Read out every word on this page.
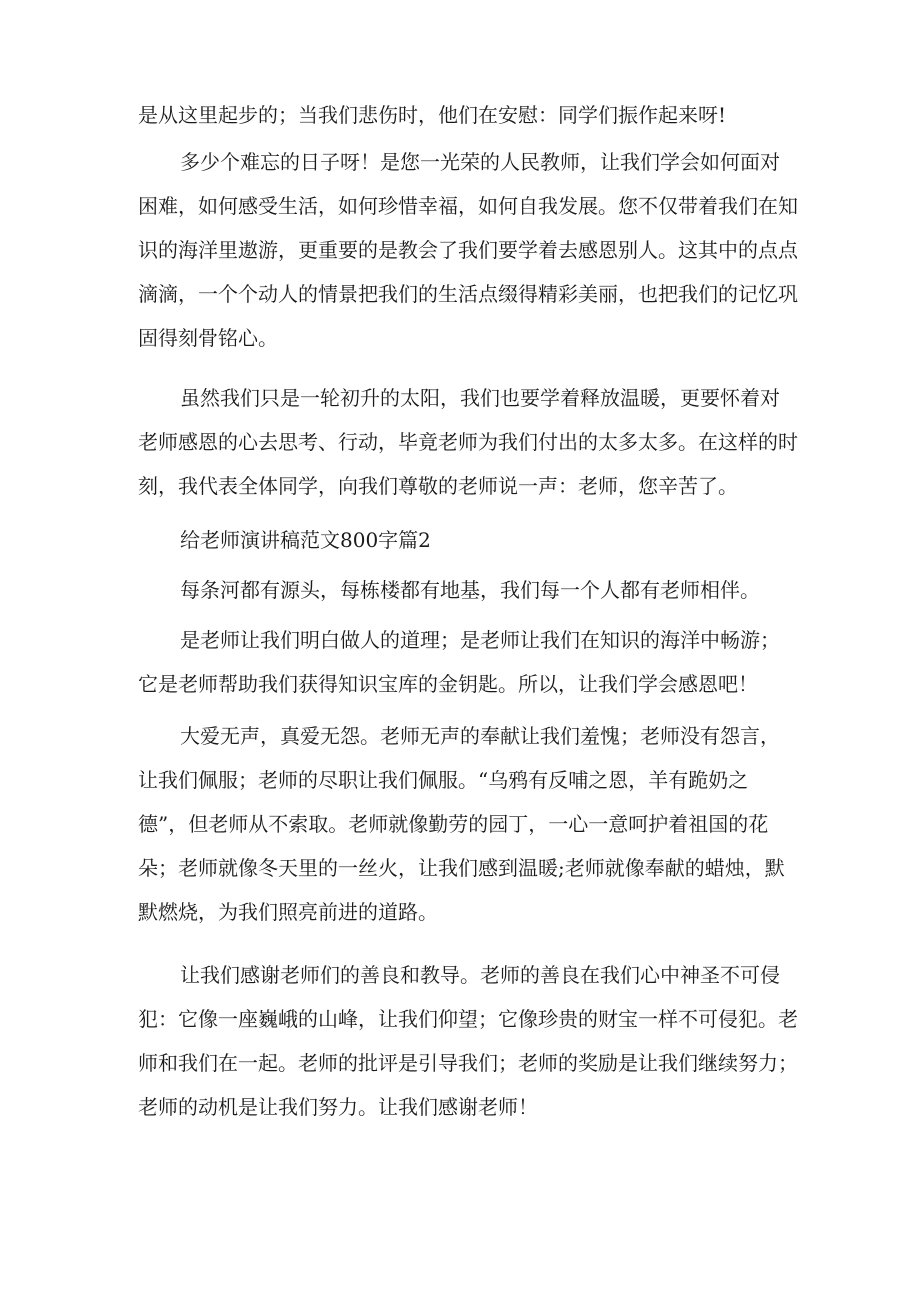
是从这里起步的；当我们悲伤时，他们在安慰：同学们振作起来呀!
多少个难忘的日子呀！是您一光荣的人民教师，让我们学会如何面对
困难，如何感受生活，如何珍惜幸福，如何自我发展。您不仅带着我们在知
识的海洋里遨游，更重要的是教会了我们要学着去感恩别人。这其中的点点
滴滴，一个个动人的情景把我们的生活点缀得精彩美丽，也把我们的记忆巩
固得刻骨铭心。
虽然我们只是一轮初升的太阳，我们也要学着释放温暖，更要怀着对
老师感恩的心去思考、行动，毕竟老师为我们付出的太多太多。在这样的时
刻，我代表全体同学，向我们尊敬的老师说一声：老师，您辛苦了。
给老师演讲稿范文800字篇2
每条河都有源头，每栋楼都有地基，我们每一个人都有老师相伴。
是老师让我们明白做人的道理；是老师让我们在知识的海洋中畅游；
它是老师帮助我们获得知识宝库的金钥匙。所以，让我们学会感恩吧！
大爱无声，真爱无怨。老师无声的奉献让我们羞愧；老师没有怨言，
让我们佩服；老师的尽职让我们佩服。“乌鸦有反哺之恩，羊有跪奶之
德”，但老师从不索取。老师就像勤劳的园丁，一心一意呵护着祖国的花
朵；老师就像冬天里的一丝火，让我们感到温暖;老师就像奉献的蜡烛，默
默燃烧，为我们照亮前进的道路。
让我们感谢老师们的善良和教导。老师的善良在我们心中神圣不可侵
犯：它像一座巍峨的山峰，让我们仰望；它像珍贵的财宝一样不可侵犯。老
师和我们在一起。老师的批评是引导我们；老师的奖励是让我们继续努力；
老师的动机是让我们努力。让我们感谢老师！
